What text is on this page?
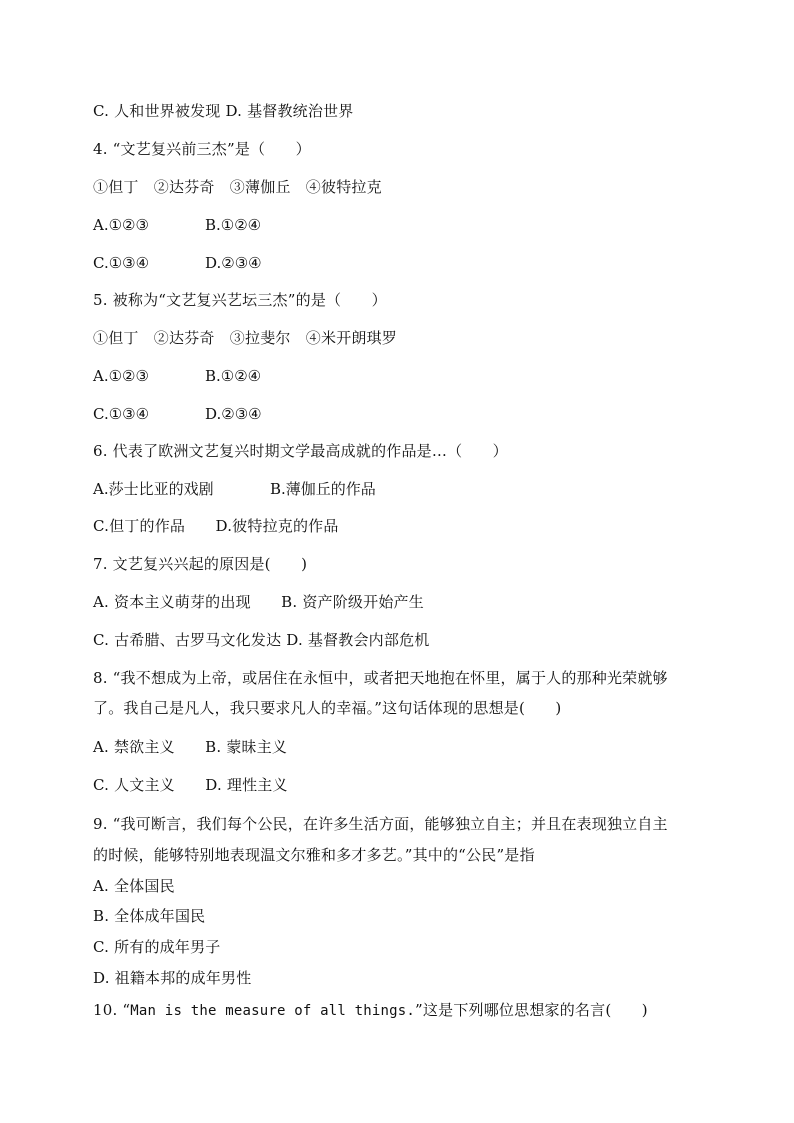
C. 人和世界被发现 D. 基督教统治世界
4. “文艺复兴前三杰”是（　　）
①但丁　②达芬奇　③薄伽丘　④彼特拉克
A.①②③	B.①②④
C.①③④	D.②③④
5. 被称为“文艺复兴艺坛三杰”的是（　　）
①但丁　②达芬奇　③拉斐尔　④米开朗琪罗
A.①②③	B.①②④
C.①③④	D.②③④
6. 代表了欧洲文艺复兴时期文学最高成就的作品是…（　　）
A.莎士比亚的戏剧	B.薄伽丘的作品
C.但丁的作品　　D.彼特拉克的作品
7. 文艺复兴兴起的原因是(　　)
A. 资本主义萌芽的出现　　B. 资产阶级开始产生
C. 古希腊、古罗马文化发达 D. 基督教会内部危机
8. “我不想成为上帝，或居住在永恒中，或者把天地抱在怀里，属于人的那种光荣就够
了。我自己是凡人，我只要求凡人的幸福。”这句话体现的思想是(　　)
A. 禁欲主义　　B. 蒙昧主义
C. 人文主义　　D. 理性主义
9. “我可断言，我们每个公民，在许多生活方面，能够独立自主；并且在表现独立自主
的时候，能够特别地表现温文尔雅和多才多艺。”其中的“公民”是指
A. 全体国民
B. 全体成年国民
C. 所有的成年男子
D. 祖籍本邦的成年男性
10. “Man is the measure of all things.”这是下列哪位思想家的名言(　　)
